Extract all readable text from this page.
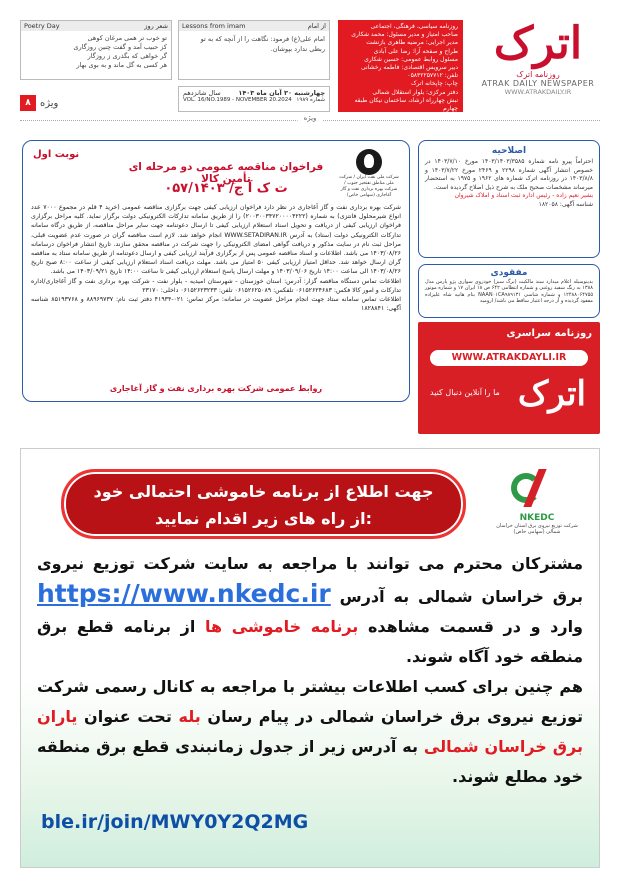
اترک
روزنامه اترک
ATRAK DAILY NEWSPAPER
WWW.ATRAKDAILY.IR
روزنامه سیاسی، فرهنگی، اجتماعی
صاحب امتیاز و مدیر مسئول: محمد شکاری
مدیر اجرایی: مرضیه طاهری بازنشت
طراح و صفحه آرا: رضا علی آبادی
مسئول روابط عمومی: حسین شکاری
دبیر سرویس اقتصادی: فاطمه رخشانی
تلفن: ۰۵۸۳۲۲۵۷۷۱۲
چاپ: چاپخانه اترک
دفتر مرکزی: بلوار استقلال شمالی
نبش چهارراه ارشاد، ساختمان نیکان طبقه چهارم
Lessons from imam	از امام
امام علی(ع) فرمود: نگاهت را از آنچه که به تو ربطی ندارد بپوشان.
Poetry Day	شعر روز
تو خوب تر همی مرغان کوهی
کز حبیب آمد و گفت چنین روزگاری
گر خواهی که بگذری ز روزگار
هر کسی به گل ماند و به بوی بهار
چهارشنبه ۳۰ آبان ماه ۱۴۰۳
سال شانزدهم
VOL. 16/NO.1989 - NOVEMBER 20.2024 شماره ۱۹۸۹
۸ ویژه
ویژه
اصلاحیه
احتراماً پیرو نامه شماره ۱۴۰۳/۱۴۰۳/۳۵۸۵ مورخ ۱۴۰۳/۷/۱۰ در خصوص انتشار آگهی شماره ۲۲۹۸ و ۲۴۶۹ مورخ ۱۴۰۳/۷/۲۲ و ۱۴۰۳/۸/۸ در روزنامه اترک شماره های ۱۹۶۲ و ۱۹۷۵ به استحضار میرساند مشخصات صحیح ملک به شرح ذیل اصلاح گردیده است.
بشیر نعیم زاده - رئیس اداره ثبت اسناد و املاک شیروان
شناسه آگهی: ۱۸۲۰۵۸
مفقودی
بدینوسیله اعلام میدارد سند مالکیت (برگ سبز) خودروی سواری پژو پارس مدل ۱۳۸۸ به رنگ سفید روغنی و شماره انتظامی ۶۴۲ ص ۱۸ ایران ۱۷ و شماره موتور ۱۲۴۸۸۰۶۴۷۵۵ و شماره شاسی NAAN۰۱CA۹۸۹۱۳۱ بنام هانیه شاه علیزاده مفقود گردیده و از درجه اعتبار ساقط می باشد/ ارومیه
روزنامه سراسری
WWW.ATRAKDAYLI.IR
اترک
ما را آنلاین دنبال کنید
نوبت اول
شرکت ملی نفت ایران / شرکت ملی مناطق نفتخیز جنوب / شرکت بهره برداری نفت و گاز آغاجاری (سهامی خاص)
فراخوان مناقصه عمومی دو مرحله ای تأمین کالا
۰۵۷/ت ک آ ج/ ۱۴۰۳

شرکت بهره برداری نفت و گاز آغاجاری در نظر دارد فراخوان ارزیابی کیفی جهت برگزاری مناقصه عمومی (خرید ۴ قلم در مجموع ۷۰۰۰ عدد انواع شیرمحلول فانتزی) به شماره (۲۰۰۳۰۰۳۴۷۲۰۰۰۰۴۲۲۲) را از طریق سامانه تدارکات الکترونیکی دولت برگزار نماید. کلیه مراحل برگزاری فراخوان ارزیابی کیفی از دریافت و تحویل اسناد استعلام ارزیابی کیفی تا ارسال دعوتنامه جهت سایر مراحل مناقصه، از طریق درگاه سامانه تدارکات الکترونیکی دولت (ستاد) به آدرس WWW.SETADIRAN.IR انجام خواهد شد. لازم است مناقصه گران در صورت عدم عضویت قبلی، مراحل ثبت نام در سایت مذکور و دریافت گواهی امضای الکترونیکی را جهت شرکت در مناقصه محقق سازند. تاریخ انتشار فراخوان درسامانه ۱۴۰۳/۰۸/۲۶ می باشد. اطلاعات و اسناد مناقصه عمومی پس از برگزاری فرآیند ارزیابی کیفی و ارسال دعوتنامه از طریق سامانه ستاد به مناقصه گران ارسال خواهد شد. حداقل امتیاز ارزیابی کیفی ۵۰ امتیاز می باشد. مهلت دریافت اسناد استعلام ارزیابی کیفی از ساعت ۸:۰۰ صبح تاریخ ۱۴۰۳/۰۸/۲۶ الی ساعت ۱۴:۰۰ تاریخ ۱۴۰۳/۰۹/۰۶ و مهلت ارسال پاسخ استعلام ارزیابی کیفی تا ساعت ۱۴:۰۰ تاریخ ۱۴۰۳/۰۹/۲۱ می باشد.

اطلاعات تماس دستگاه مناقصه گزار: آدرس: استان خوزستان - شهرستان امیدیه - بلوار نفت - شرکت بهره برداری نفت و گاز آغاجاری/اداره تدارکات و امور کالا فکس: ۰۶۱۵۲۶۲۴۶۸۳ تلفکس: ۰۶۱۵۲۶۲۵۰۸۹ تلفن: ۰۶۱۵۲۶۲۳۲۳۳ داخلی: ۲۳۱۷۰

اطلاعات تماس سامانه ستاد جهت انجام مراحل عضویت در سامانه: مرکز تماس: ۰۲۱-۴۱۹۳۴ دفتر ثبت نام: ۸۸۹۶۹۷۳۷ و ۸۵۱۹۳۷۶۸ شناسه آگهی: ۱۸۲۸۸۴۱

روابط عمومی شرکت بهره برداری نفت و گاز آغاجاری
جهت اطلاع از برنامه خاموشی احتمالی خود
از راه های زیر اقدام نمایید:	NKEDC
شرکت توزیع نیروی برق استان خراسان شمالی (سهامی خاص)
مشترکان محترم می توانند با مراجعه به سایت شرکت توزیع نیروی برق خراسان شمالی به آدرس https://www.nkedc.ir وارد و در قسمت مشاهده برنامه خاموشی ها از برنامه قطع برق منطقه خود آگاه شوند.
هم چنین برای کسب اطلاعات بیشتر با مراجعه به کانال رسمی شرکت توزیع نیروی برق خراسان شمالی در پیام رسان بله تحت عنوان یاران برق خراسان شمالی به آدرس زیر از جدول زمانبندی قطع برق منطقه خود مطلع شوند.
ble.ir/join/MWY0Y2Q2MG
